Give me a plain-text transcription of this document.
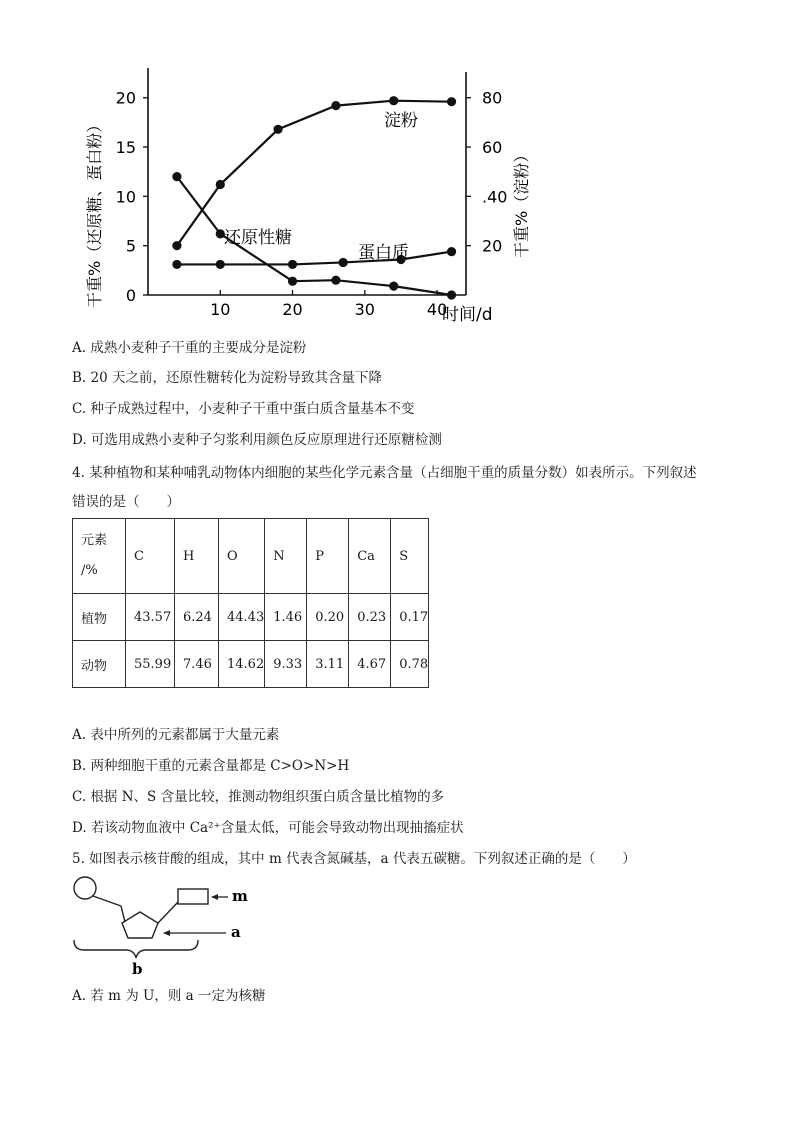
0
5
10
15
20
20
.40
60
80
10	20	30	40
淀粉
还原性糖
蛋白质
时间/d
干重%（还原糖、蛋白粉）	干重%（淀粉）
A. 成熟小麦种子干重的主要成分是淀粉
B. 20 天之前，还原性糖转化为淀粉导致其含量下降
C. 种子成熟过程中，小麦种子干重中蛋白质含量基本不变
D. 可选用成熟小麦种子匀浆利用颜色反应原理进行还原糖检测
4. 某种植物和某种哺乳动物体内细胞的某些化学元素含量（占细胞干重的质量分数）如表所示。下列叙述
错误的是（　　）
元素
/%	C	H	O	N	P	Ca	S
植物	43.57	6.24	44.43	1.46	0.20	0.23	0.17
动物	55.99	7.46	14.62	9.33	3.11	4.67	0.78
A. 表中所列的元素都属于大量元素
B. 两种细胞干重的元素含量都是 C>O>N>H
C. 根据 N、S 含量比较，推测动物组织蛋白质含量比植物的多
D. 若该动物血液中 Ca²⁺含量太低，可能会导致动物出现抽搐症状
5. 如图表示核苷酸的组成，其中 m 代表含氮碱基，a 代表五碳糖。下列叙述正确的是（　　）
m
a
b
A. 若 m 为 U，则 a 一定为核糖
